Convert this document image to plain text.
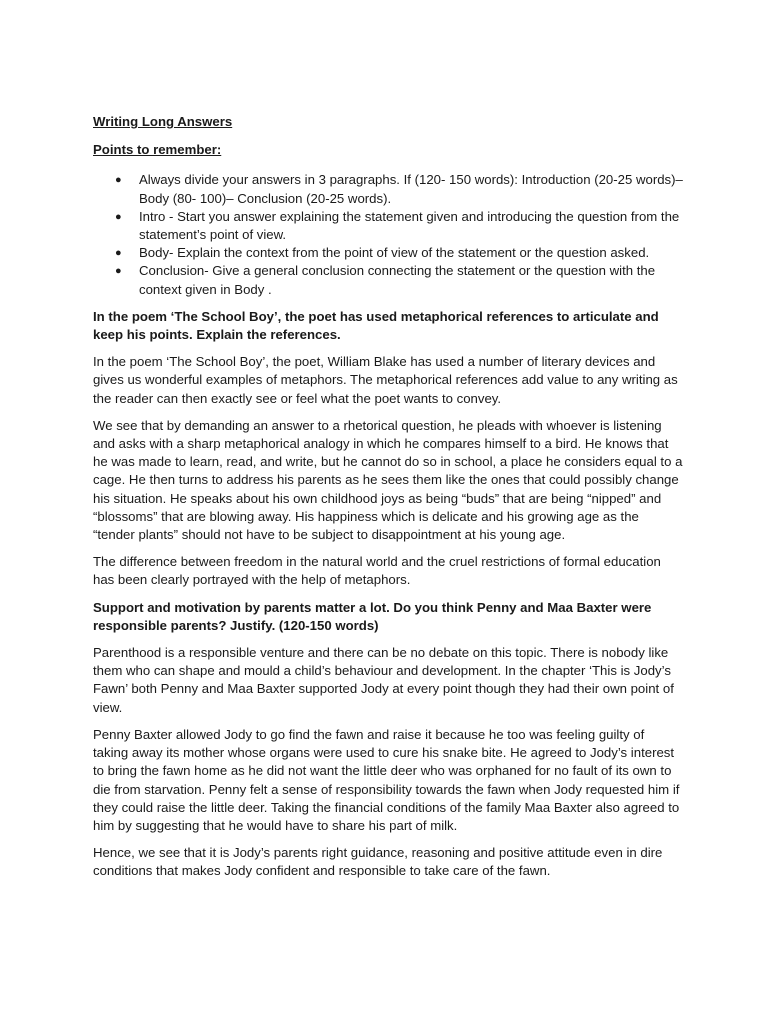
Writing Long Answers

Points to remember:

● Always divide your answers in 3 paragraphs. If (120- 150 words): Introduction (20-25 words)– Body (80- 100)– Conclusion (20-25 words).
● Intro - Start you answer explaining the statement given and introducing the question from the statement’s point of view.
● Body- Explain the context from the point of view of the statement or the question asked.
● Conclusion- Give a general conclusion connecting the statement or the question with the context given in Body .

In the poem ‘The School Boy’, the poet has used metaphorical references to articulate and keep his points. Explain the references.

In the poem ‘The School Boy’, the poet, William Blake has used a number of literary devices and gives us wonderful examples of metaphors. The metaphorical references add value to any writing as the reader can then exactly see or feel what the poet wants to convey.

We see that by demanding an answer to a rhetorical question, he pleads with whoever is listening and asks with a sharp metaphorical analogy in which he compares himself to a bird. He knows that he was made to learn, read, and write, but he cannot do so in school, a place he considers equal to a cage. He then turns to address his parents as he sees them like the ones that could possibly change his situation. He speaks about his own childhood joys as being “buds” that are being “nipped” and “blossoms” that are blowing away. His happiness which is delicate and his growing age as the “tender plants” should not have to be subject to disappointment at his young age.

The difference between freedom in the natural world and the cruel restrictions of formal education has been clearly portrayed with the help of metaphors.

Support and motivation by parents matter a lot. Do you think Penny and Maa Baxter were responsible parents? Justify. (120-150 words)

Parenthood is a responsible venture and there can be no debate on this topic. There is nobody like them who can shape and mould a child’s behaviour and development. In the chapter ‘This is Jody’s Fawn’ both Penny and Maa Baxter supported Jody at every point though they had their own point of view.

Penny Baxter allowed Jody to go find the fawn and raise it because he too was feeling guilty of taking away its mother whose organs were used to cure his snake bite. He agreed to Jody’s interest to bring the fawn home as he did not want the little deer who was orphaned for no fault of its own to die from starvation. Penny felt a sense of responsibility towards the fawn when Jody requested him if they could raise the little deer. Taking the financial conditions of the family Maa Baxter also agreed to him by suggesting that he would have to share his part of milk.

Hence, we see that it is Jody’s parents right guidance, reasoning and positive attitude even in dire conditions that makes Jody confident and responsible to take care of the fawn.
